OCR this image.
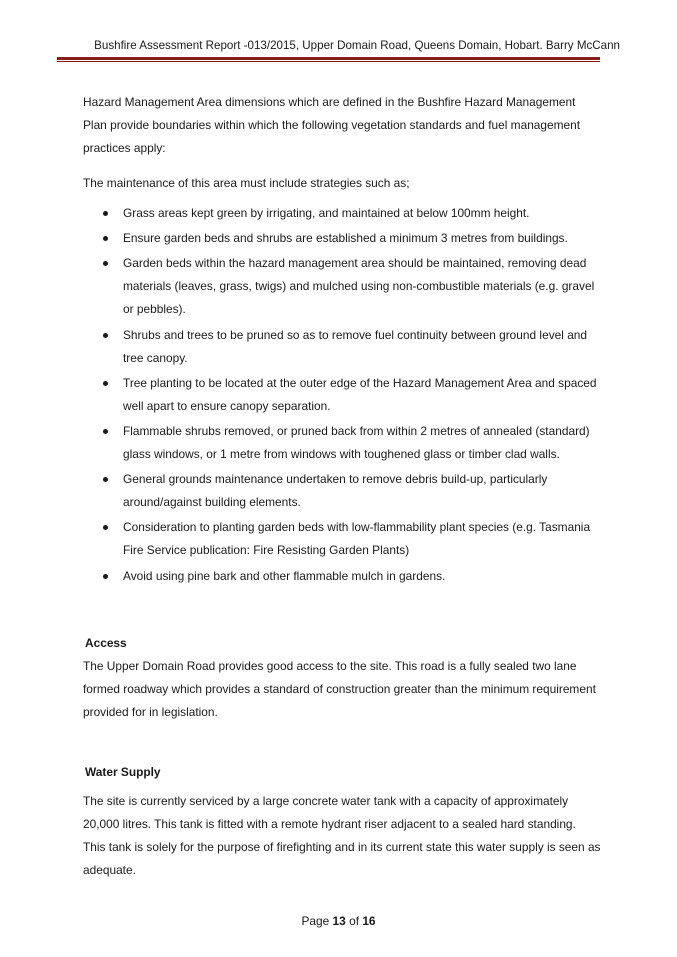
Bushfire Assessment Report -013/2015, Upper Domain Road, Queens Domain, Hobart. Barry McCann

Hazard Management Area dimensions which are defined in the Bushfire Hazard Management Plan provide boundaries within which the following vegetation standards and fuel management practices apply:

The maintenance of this area must include strategies such as;

Grass areas kept green by irrigating, and maintained at below 100mm height.
Ensure garden beds and shrubs are established a minimum 3 metres from buildings.
Garden beds within the hazard management area should be maintained, removing dead materials (leaves, grass, twigs) and mulched using non-combustible materials (e.g. gravel or pebbles).
Shrubs and trees to be pruned so as to remove fuel continuity between ground level and tree canopy.
Tree planting to be located at the outer edge of the Hazard Management Area and spaced well apart to ensure canopy separation.
Flammable shrubs removed, or pruned back from within 2 metres of annealed (standard) glass windows, or 1 metre from windows with toughened glass or timber clad walls.
General grounds maintenance undertaken to remove debris build-up, particularly around/against building elements.
Consideration to planting garden beds with low-flammability plant species (e.g. Tasmania Fire Service publication: Fire Resisting Garden Plants)
Avoid using pine bark and other flammable mulch in gardens.
Access

The Upper Domain Road provides good access to the site. This road is a fully sealed two lane formed roadway which provides a standard of construction greater than the minimum requirement provided for in legislation.

Water Supply

The site is currently serviced by a large concrete water tank with a capacity of approximately 20,000 litres. This tank is fitted with a remote hydrant riser adjacent to a sealed hard standing. This tank is solely for the purpose of firefighting and in its current state this water supply is seen as adequate.

Page 13 of 16
